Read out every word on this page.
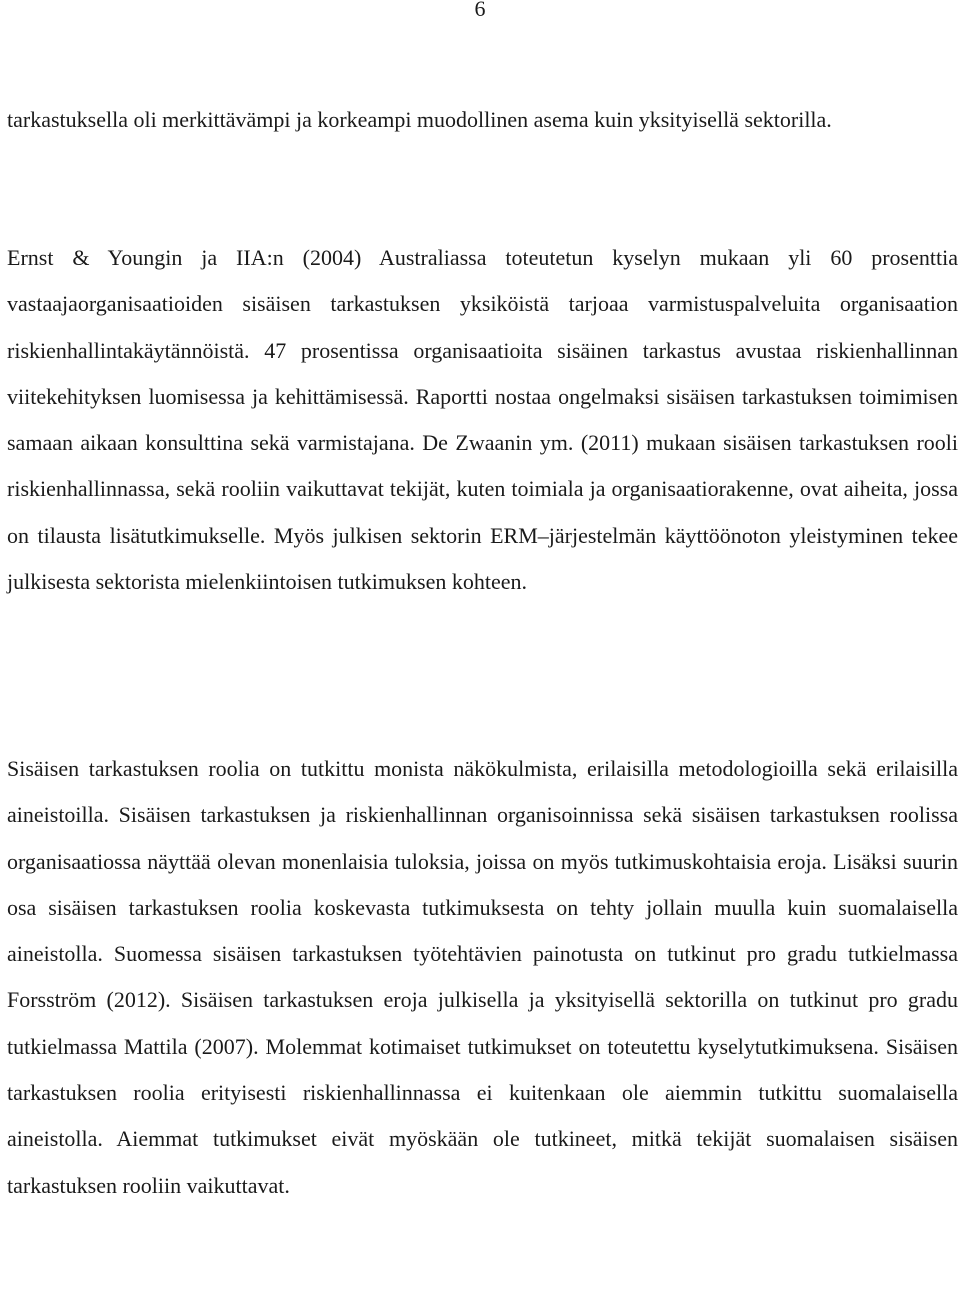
6

tarkastuksella oli merkittävämpi ja korkeampi muodollinen asema kuin yksityisellä sektorilla.

Ernst & Youngin ja IIA:n (2004) Australiassa toteutetun kyselyn mukaan yli 60 prosenttia vastaajaorganisaatioiden sisäisen tarkastuksen yksiköistä tarjoaa varmistuspalveluita organisaation riskienhallintakäytännöistä. 47 prosentissa organisaatioita sisäinen tarkastus avustaa riskienhallinnan viitekehityksen luomisessa ja kehittämisessä. Raportti nostaa ongelmaksi sisäisen tarkastuksen toimimisen samaan aikaan konsulttina sekä varmistajana. De Zwaanin ym. (2011) mukaan sisäisen tarkastuksen rooli riskienhallinnassa, sekä rooliin vaikuttavat tekijät, kuten toimiala ja organisaatiorakenne, ovat aiheita, jossa on tilausta lisätutkimukselle. Myös julkisen sektorin ERM–järjestelmän käyttöönoton yleistyminen tekee julkisesta sektorista mielenkiintoisen tutkimuksen kohteen.

Sisäisen tarkastuksen roolia on tutkittu monista näkökulmista, erilaisilla metodologioilla sekä erilaisilla aineistoilla. Sisäisen tarkastuksen ja riskienhallinnan organisoinnissa sekä sisäisen tarkastuksen roolissa organisaatiossa näyttää olevan monenlaisia tuloksia, joissa on myös tutkimuskohtaisia eroja. Lisäksi suurin osa sisäisen tarkastuksen roolia koskevasta tutkimuksesta on tehty jollain muulla kuin suomalaisella aineistolla. Suomessa sisäisen tarkastuksen työtehtävien painotusta on tutkinut pro gradu tutkielmassa Forsström (2012). Sisäisen tarkastuksen eroja julkisella ja yksityisellä sektorilla on tutkinut pro gradu tutkielmassa Mattila (2007). Molemmat kotimaiset tutkimukset on toteutettu kyselytutkimuksena. Sisäisen tarkastuksen roolia erityisesti riskienhallinnassa ei kuitenkaan ole aiemmin tutkittu suomalaisella aineistolla. Aiemmat tutkimukset eivät myöskään ole tutkineet, mitkä tekijät suomalaisen sisäisen tarkastuksen rooliin vaikuttavat.
